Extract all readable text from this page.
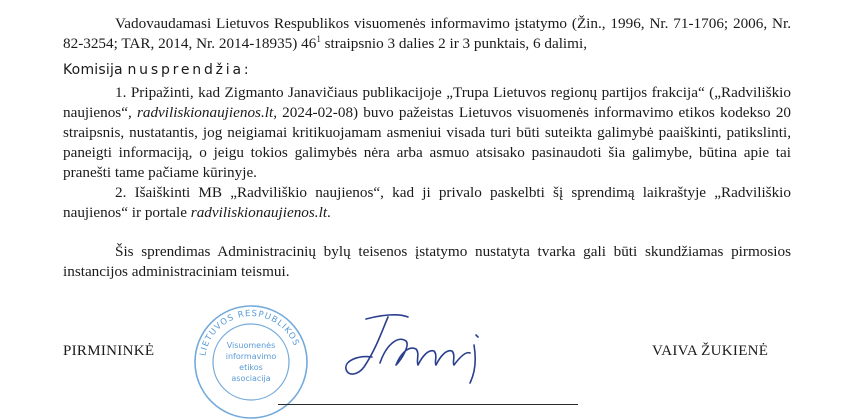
Vadovaudamasi Lietuvos Respublikos visuomenės informavimo įstatymo (Žin., 1996, Nr. 71-1706; 2006, Nr. 82-3254; TAR, 2014, Nr. 2014-18935) $46^1$ straipsnio 3 dalies 2 ir 3 punktais, 6 dalimi,

Komisija nusprendžia:

1. Pripažinti, kad Zigmanto Janavičiaus publikacijoje „Trupa Lietuvos regionų partijos frakcija“ („Radviliškio naujienos“, radviliskionaujienos.lt, 2024-02-08) buvo pažeistas Lietuvos visuomenės informavimo etikos kodekso 20 straipsnis, nustatantis, jog neigiamai kritikuojamam asmeniui visada turi būti suteikta galimybė paaiškinti, patikslinti, paneigti informaciją, o jeigu tokios galimybės nėra arba asmuo atsisako pasinaudoti šia galimybe, būtina apie tai pranešti tame pačiame kūrinyje.

2. Išaiškinti MB „Radviliškio naujienos“, kad ji privalo paskelbti šį sprendimą laikraštyje „Radviliškio naujienos“ ir portale radviliskionaujienos.lt.

Šis sprendimas Administracinių bylų teisenos įstatymo nustatyta tvarka gali būti skundžiamas pirmosios instancijos administraciniam teismui.

PIRMININKĖ	LIETUVOS RESPUBLIKOS
Visuomenės
informavimo
etikos
asociacija
VAIVA ŽUKIENĖ
